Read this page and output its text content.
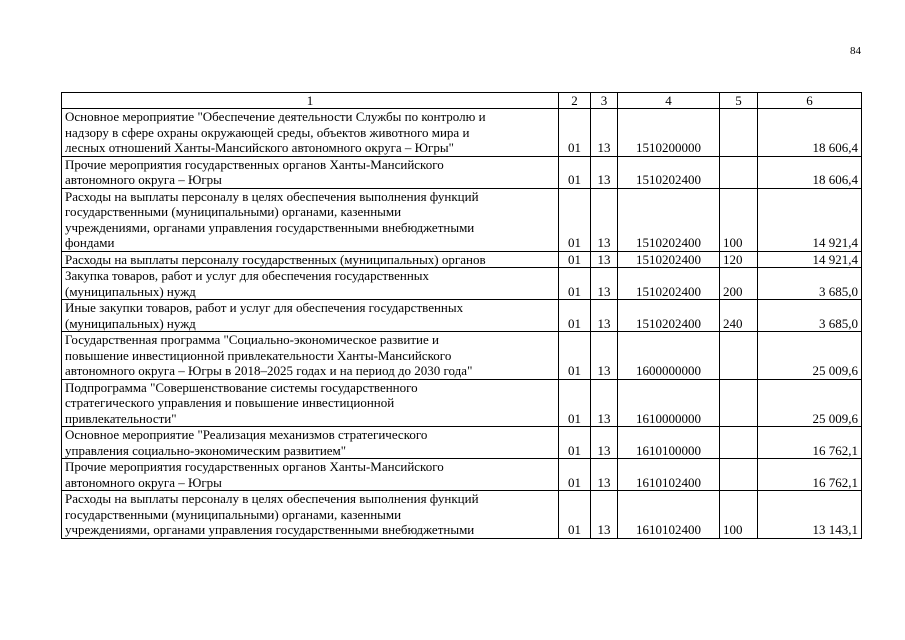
84
1	2	3	4	5	6

Основное мероприятие "Обеспечение деятельности Службы по контролю и
надзору в сфере охраны окружающей среды, объектов животного мира и
лесных отношений Ханты-Мансийского автономного округа – Югры"	01	13	1510200000		18 606,4

Прочие мероприятия государственных органов Ханты-Мансийского
автономного округа – Югры	01	13	1510202400		18 606,4

Расходы на выплаты персоналу в целях обеспечения выполнения функций
государственными (муниципальными) органами, казенными
учреждениями, органами управления государственными внебюджетными
фондами	01	13	1510202400	100	14 921,4

Расходы на выплаты персоналу государственных (муниципальных) органов	01	13	1510202400	120	14 921,4

Закупка товаров, работ и услуг для обеспечения государственных
(муниципальных) нужд	01	13	1510202400	200	3 685,0

Иные закупки товаров, работ и услуг для обеспечения государственных
(муниципальных) нужд	01	13	1510202400	240	3 685,0

Государственная программа "Социально-экономическое развитие и
повышение инвестиционной привлекательности Ханты-Мансийского
автономного округа – Югры в 2018–2025 годах и на период до 2030 года"	01	13	1600000000		25 009,6

Подпрограмма "Совершенствование системы государственного
стратегического управления и повышение инвестиционной
привлекательности"	01	13	1610000000		25 009,6

Основное мероприятие "Реализация механизмов стратегического
управления социально-экономическим развитием"	01	13	1610100000		16 762,1

Прочие мероприятия государственных органов Ханты-Мансийского
автономного округа – Югры	01	13	1610102400		16 762,1

Расходы на выплаты персоналу в целях обеспечения выполнения функций
государственными (муниципальными) органами, казенными
учреждениями, органами управления государственными внебюджетными	01	13	1610102400	100	13 143,1
